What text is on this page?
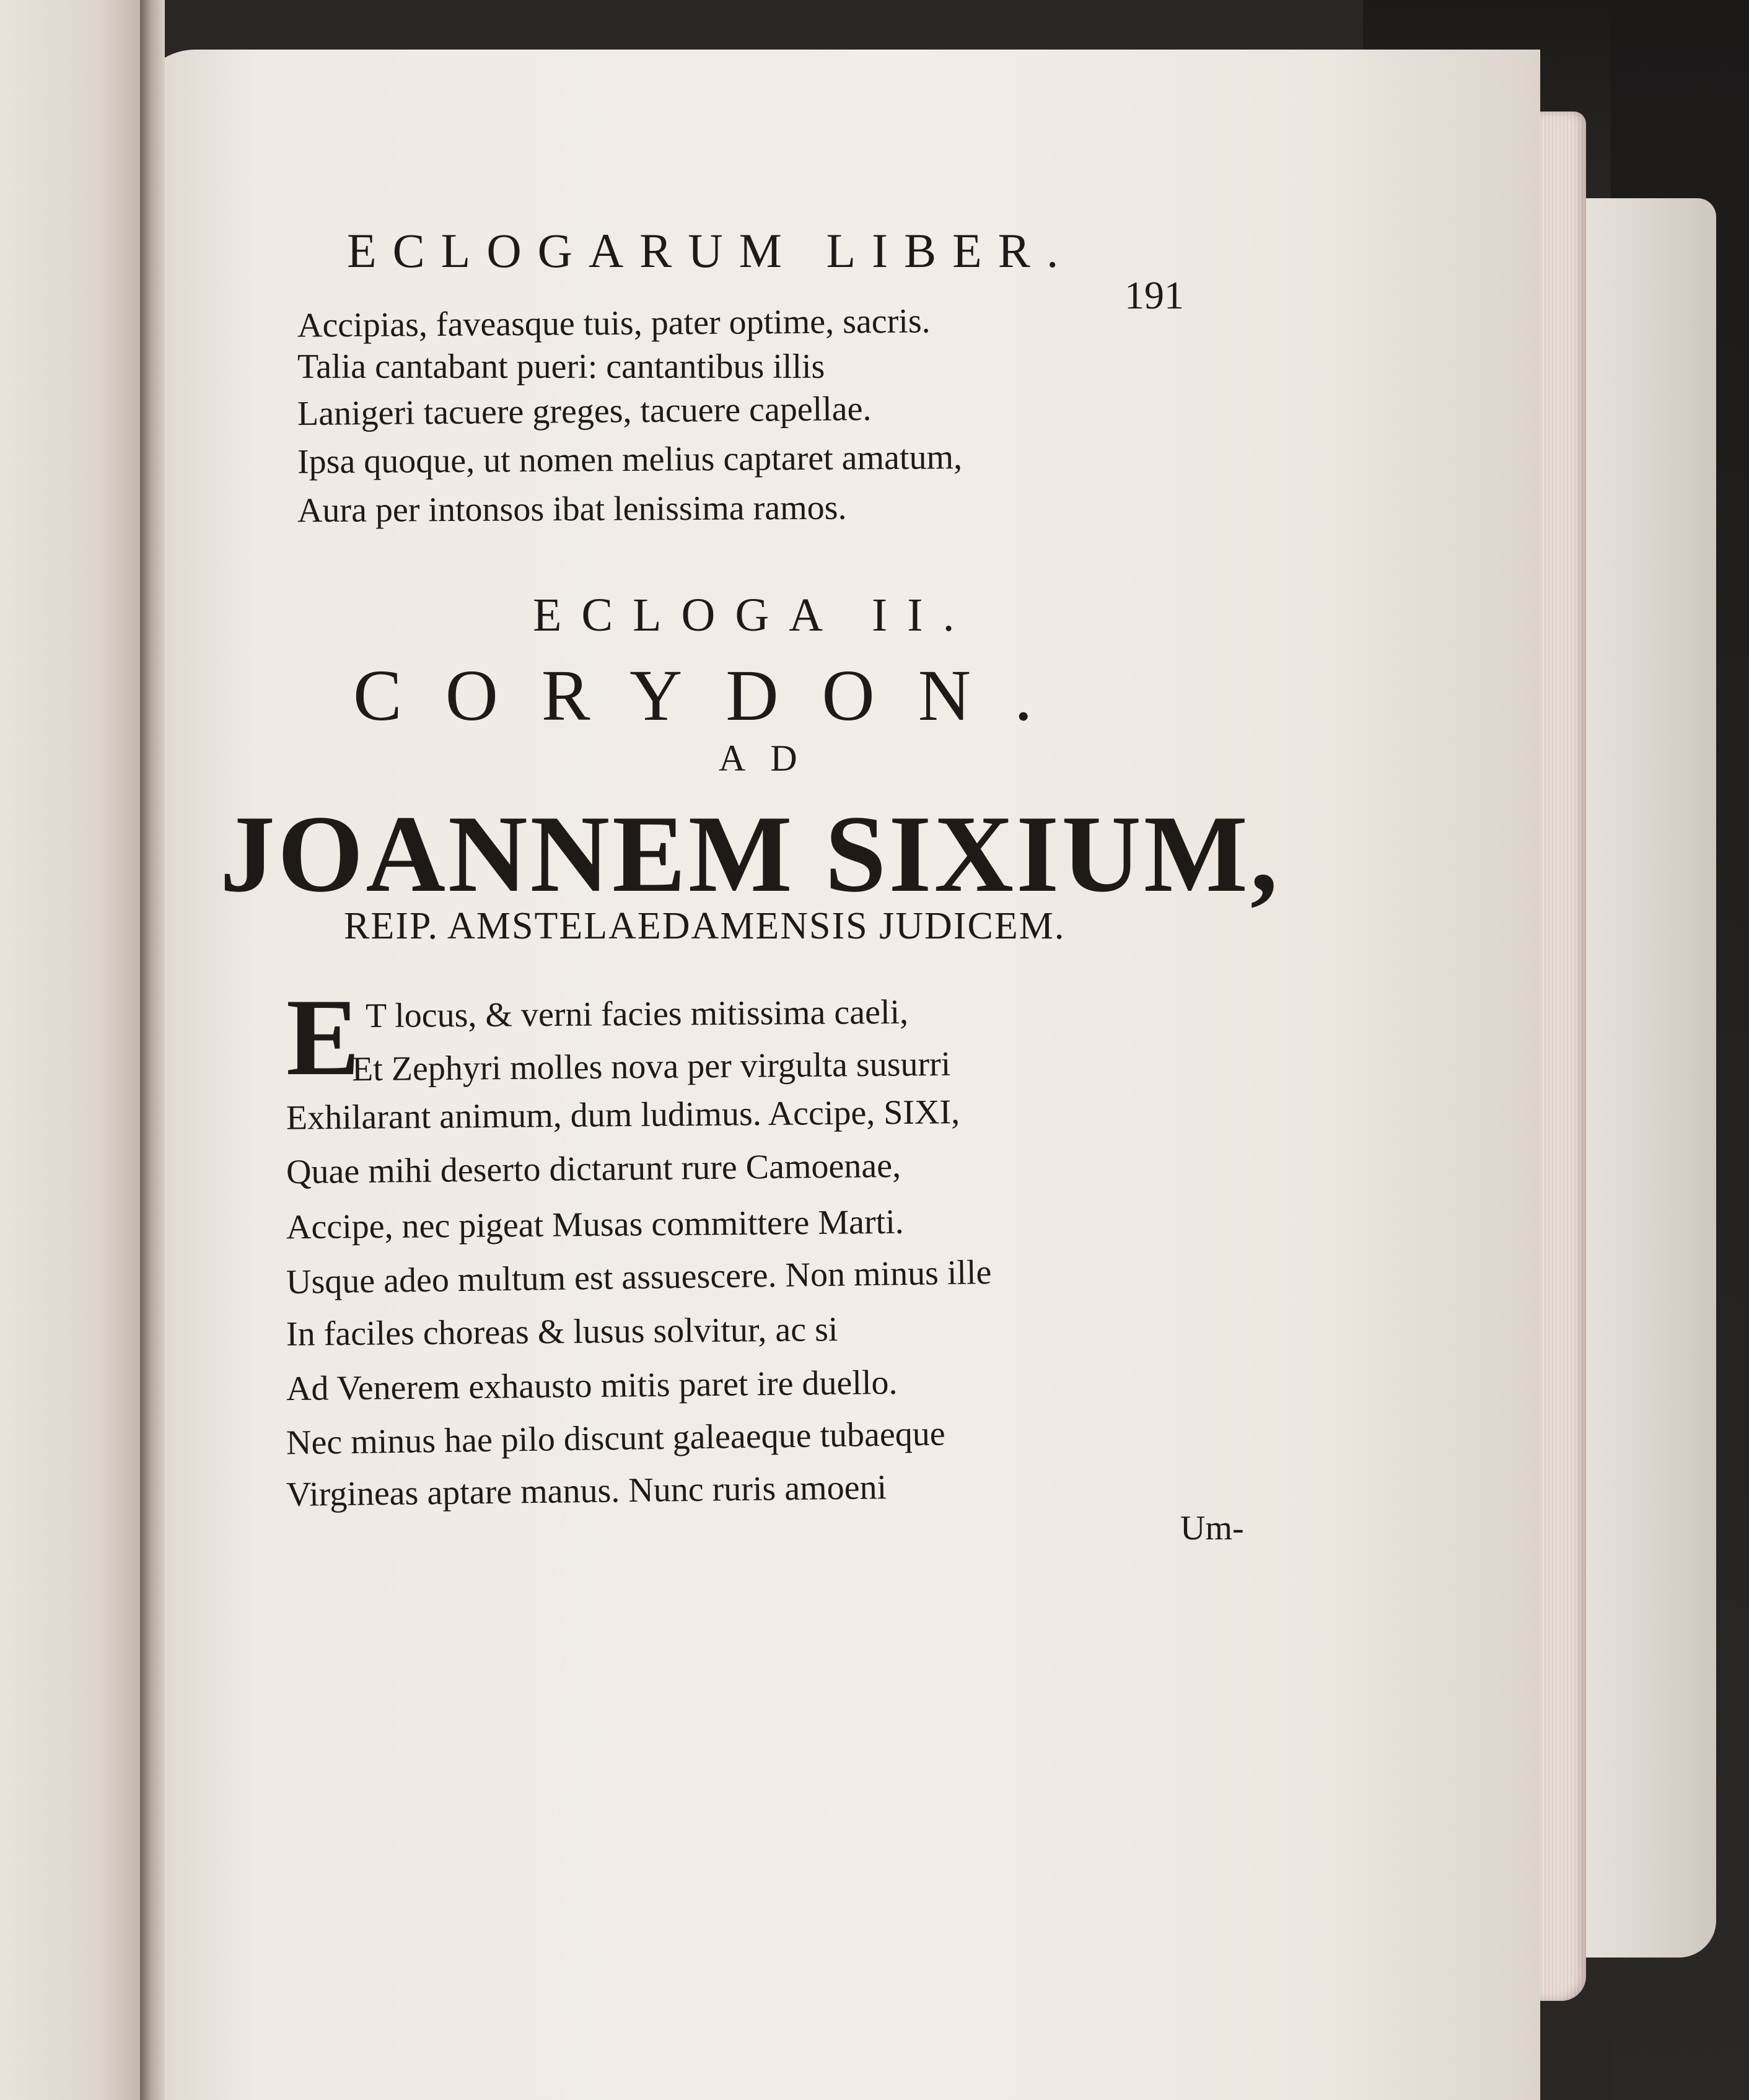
ECLOGARUM LIBER.
191
Accipias, faveasque tuis, pater optime, sacris.
Talia cantabant pueri: cantantibus illis
Lanigeri tacuere greges, tacuere capellae.
Ipsa quoque, ut nomen melius captaret amatum,
Aura per intonsos ibat lenissima ramos.
ECLOGA II.
CORYDON.
AD
JOANNEM SIXIUM,
REIP. AMSTELAEDAMENSIS JUDICEM.
E T locus, & verni facies mitissima caeli,
Et Zephyri molles nova per virgulta susurri
Exhilarant animum, dum ludimus. Accipe, SIXI,
Quae mihi deserto dictarunt rure Camoenae,
Accipe, nec pigeat Musas committere Marti.
Usque adeo multum est assuescere. Non minus ille
In faciles choreas & lusus solvitur, ac si
Ad Venerem exhausto mitis paret ire duello.
Nec minus hae pilo discunt galeaeque tubaeque
Virgineas aptare manus. Nunc ruris amoeni
Um-
